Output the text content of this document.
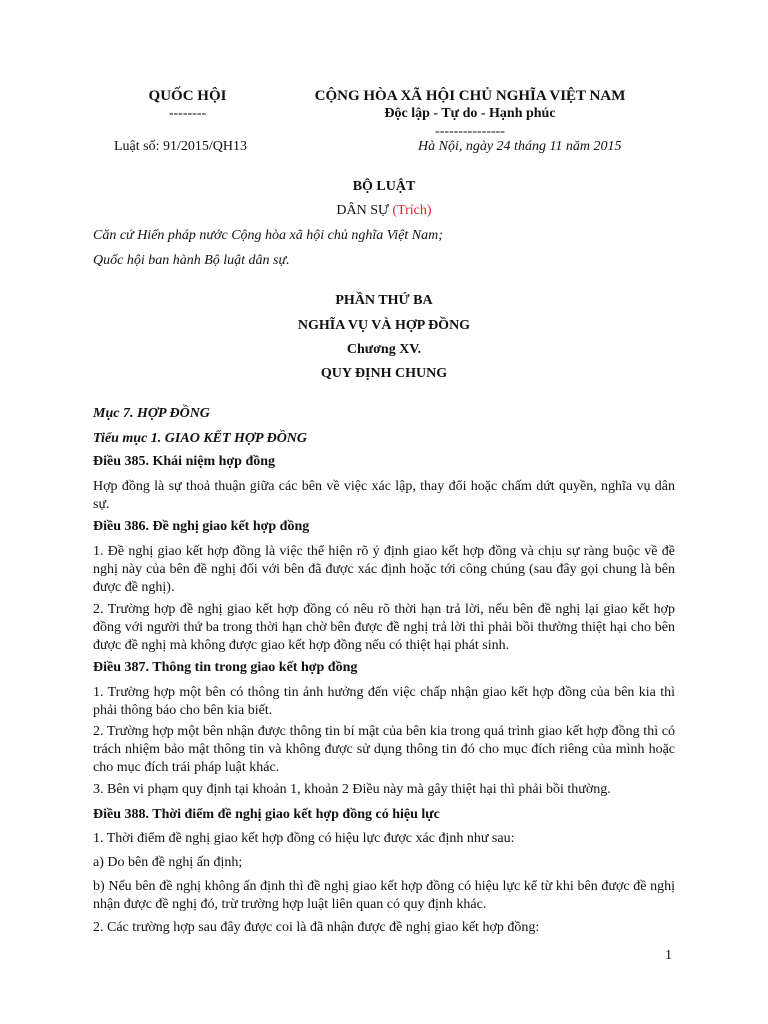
QUỐC HỘI
--------
CỘNG HÒA XÃ HỘI CHỦ NGHĨA VIỆT NAM
Độc lập - Tự do - Hạnh phúc
---------------
Luật số: 91/2015/QH13	Hà Nội, ngày 24 tháng 11 năm 2015
BỘ LUẬT
DÂN SỰ (Trích)
Căn cứ Hiến pháp nước Cộng hòa xã hội chủ nghĩa Việt Nam;
Quốc hội ban hành Bộ luật dân sự.
PHẦN THỨ BA
NGHĨA VỤ VÀ HỢP ĐỒNG
Chương XV.
QUY ĐỊNH CHUNG
Mục 7. HỢP ĐỒNG
Tiểu mục 1. GIAO KẾT HỢP ĐỒNG
Điều 385. Khái niệm hợp đồng
Hợp đồng là sự thoả thuận giữa các bên về việc xác lập, thay đổi hoặc chấm dứt quyền, nghĩa vụ dân sự.
Điều 386. Đề nghị giao kết hợp đồng
1. Đề nghị giao kết hợp đồng là việc thể hiện rõ ý định giao kết hợp đồng và chịu sự ràng buộc về đề nghị này của bên đề nghị đối với bên đã được xác định hoặc tới công chúng (sau đây gọi chung là bên được đề nghị).
2. Trường hợp đề nghị giao kết hợp đồng có nêu rõ thời hạn trả lời, nếu bên đề nghị lại giao kết hợp đồng với người thứ ba trong thời hạn chờ bên được đề nghị trả lời thì phải bồi thường thiệt hại cho bên được đề nghị mà không được giao kết hợp đồng nếu có thiệt hại phát sinh.
Điều 387. Thông tin trong giao kết hợp đồng
1. Trường hợp một bên có thông tin ảnh hưởng đến việc chấp nhận giao kết hợp đồng của bên kia thì phải thông báo cho bên kia biết.
2. Trường hợp một bên nhận được thông tin bí mật của bên kia trong quá trình giao kết hợp đồng thì có trách nhiệm bảo mật thông tin và không được sử dụng thông tin đó cho mục đích riêng của mình hoặc cho mục đích trái pháp luật khác.
3. Bên vi phạm quy định tại khoản 1, khoản 2 Điều này mà gây thiệt hại thì phải bồi thường.
Điều 388. Thời điểm đề nghị giao kết hợp đồng có hiệu lực
1. Thời điểm đề nghị giao kết hợp đồng có hiệu lực được xác định như sau:
a) Do bên đề nghị ấn định;
b) Nếu bên đề nghị không ấn định thì đề nghị giao kết hợp đồng có hiệu lực kể từ khi bên được đề nghị nhận được đề nghị đó, trừ trường hợp luật liên quan có quy định khác.
2. Các trường hợp sau đây được coi là đã nhận được đề nghị giao kết hợp đồng:
1
